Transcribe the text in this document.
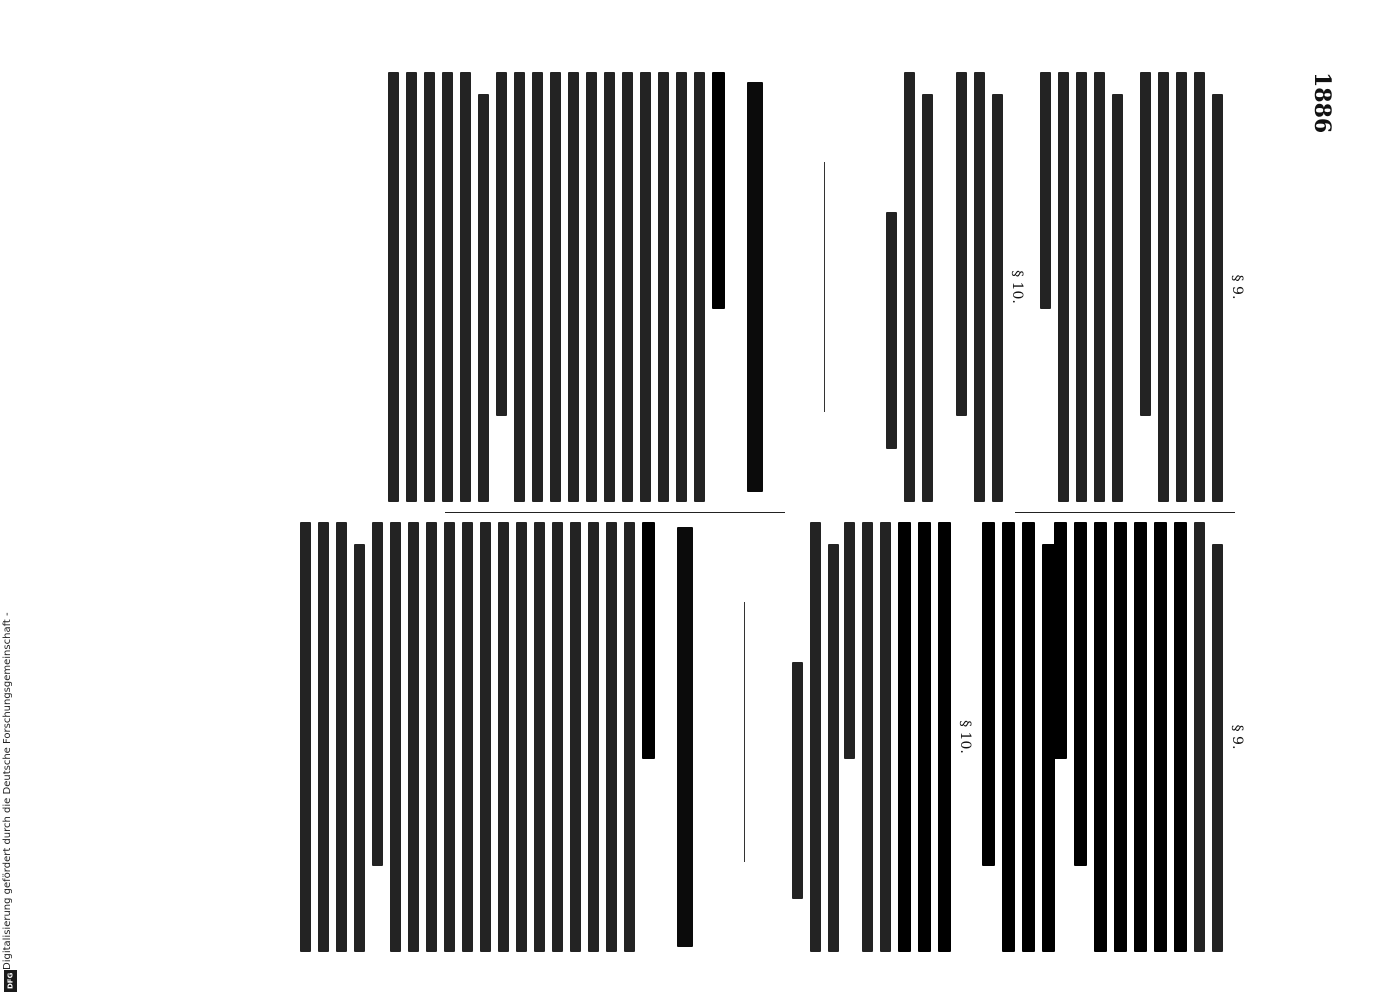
DFG
Digitalisierung gefördert durch die Deutsche Forschungsgemeinschaft -
1886
§ 9.
§ 10.
§ 9.
§ 10.
